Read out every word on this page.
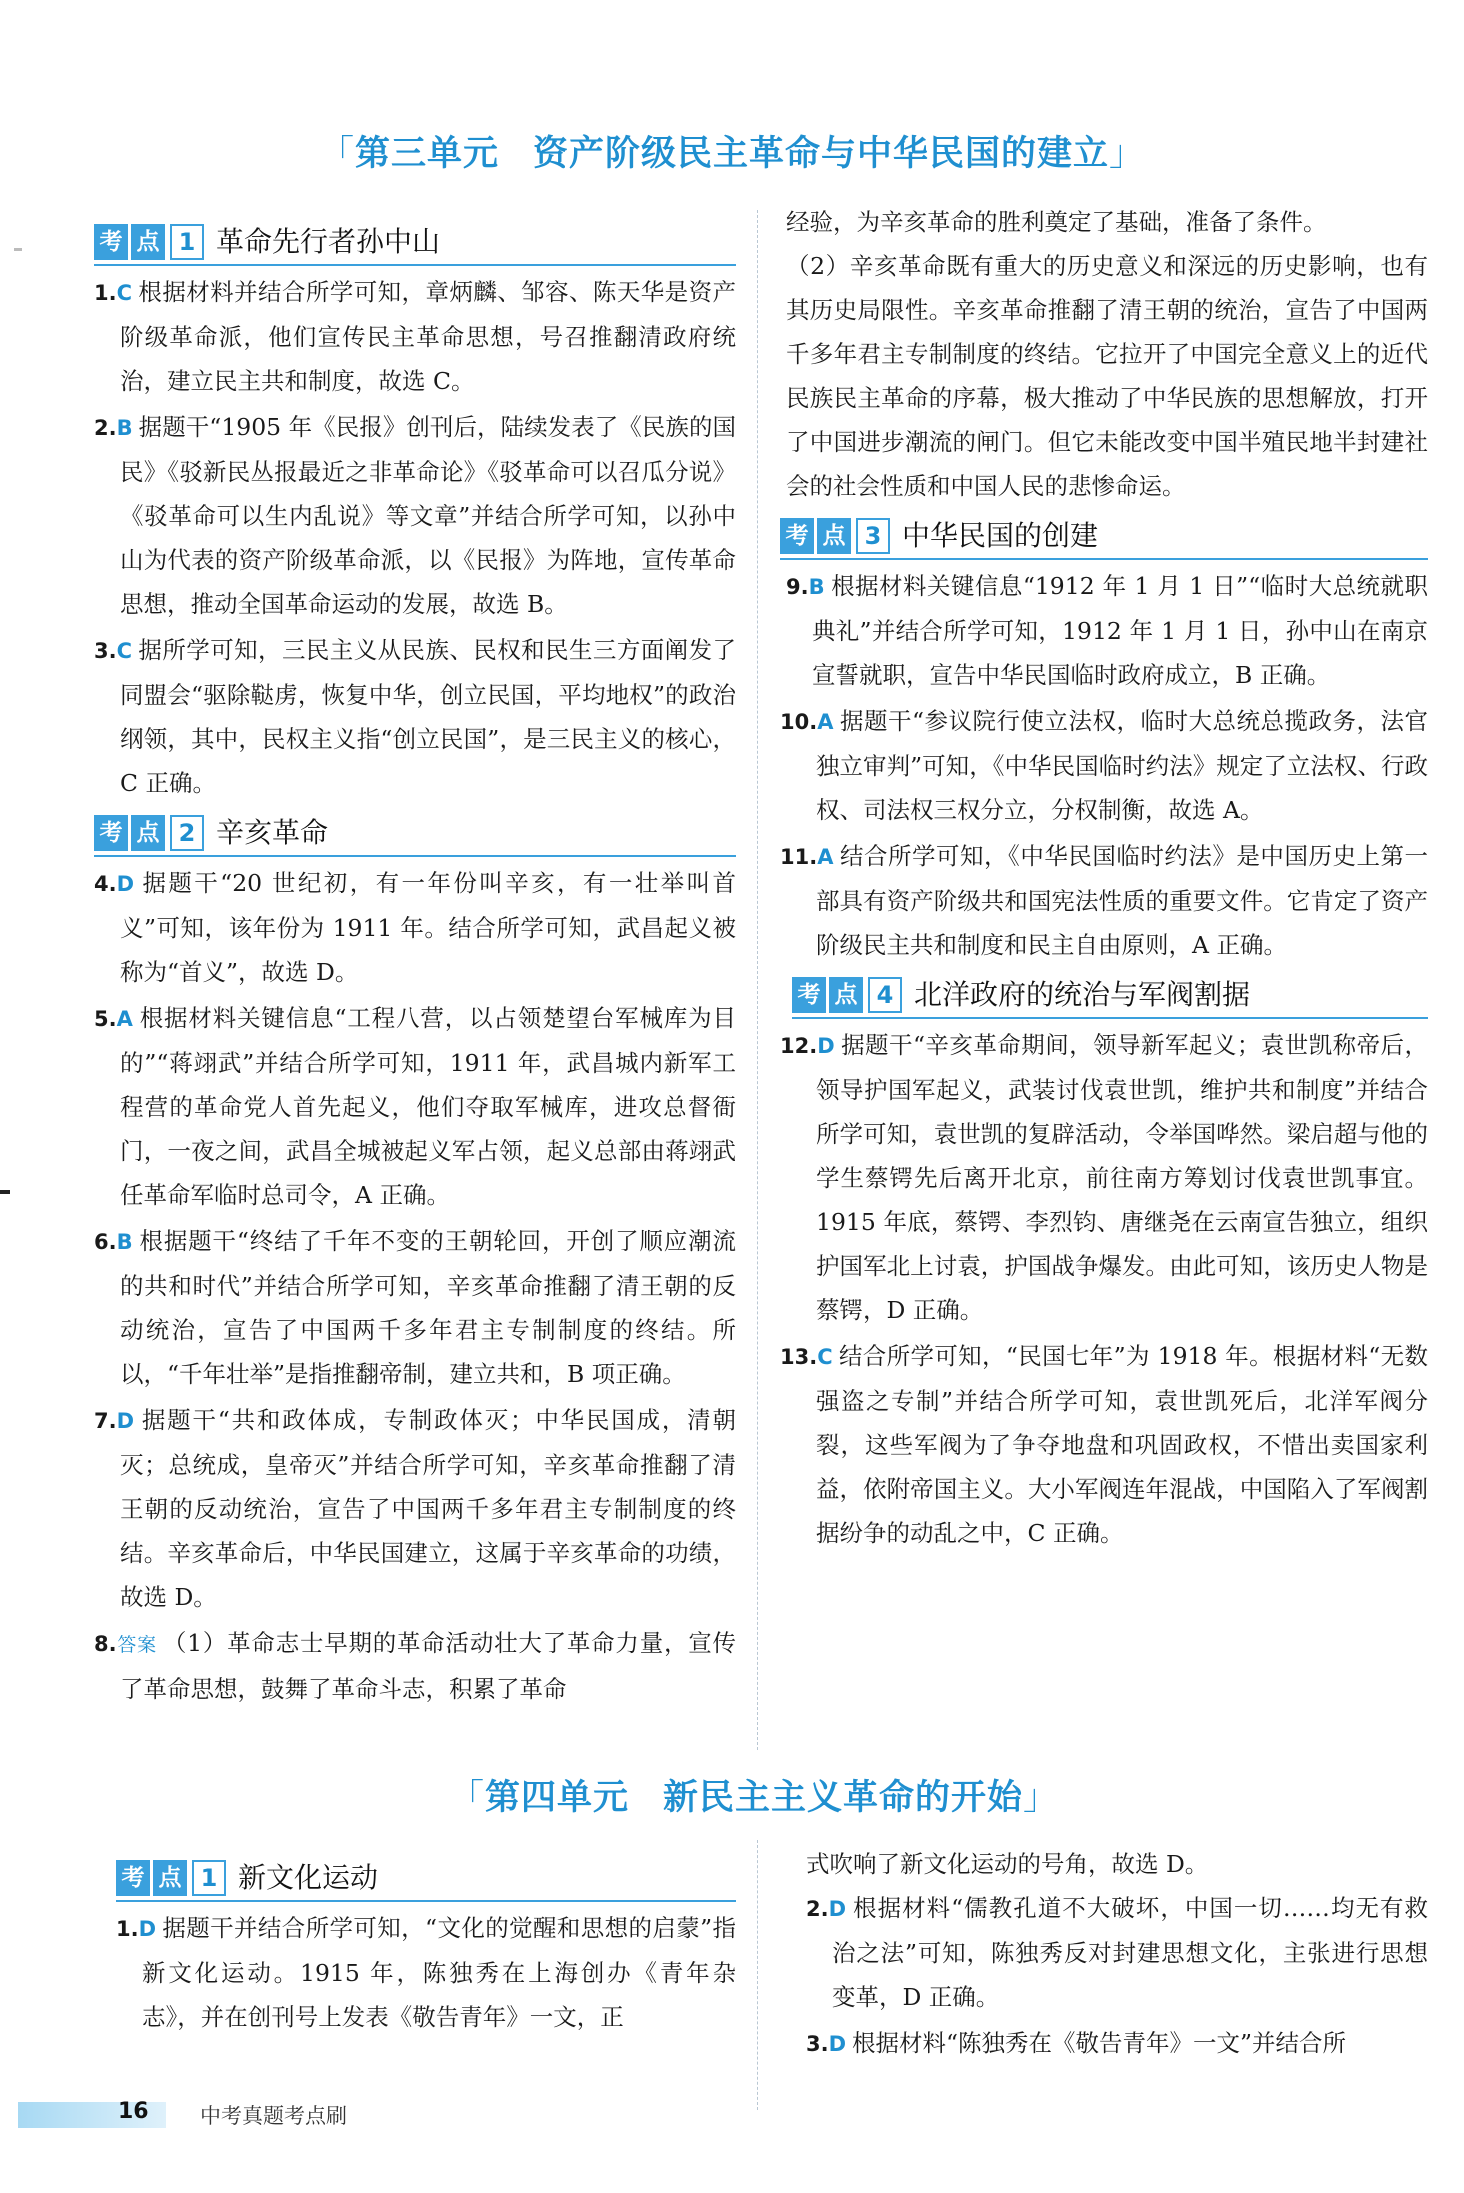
「第三单元 资产阶级民主革命与中华民国的建立」
考 点 1 革命先行者孙中山

1.C 根据材料并结合所学可知，章炳麟、邹容、陈天华是资产阶级革命派，他们宣传民主革命思想，号召推翻清政府统治，建立民主共和制度，故选 C。

2.B 据题干“1905 年《民报》创刊后，陆续发表了《民族的国民》《驳新民丛报最近之非革命论》《驳革命可以召瓜分说》《驳革命可以生内乱说》等文章”并结合所学可知，以孙中山为代表的资产阶级革命派，以《民报》为阵地，宣传革命思想，推动全国革命运动的发展，故选 B。

3.C 据所学可知，三民主义从民族、民权和民生三方面阐发了同盟会“驱除鞑虏，恢复中华，创立民国，平均地权”的政治纲领，其中，民权主义指“创立民国”，是三民主义的核心，C 正确。

考 点 2 辛亥革命

4.D 据题干“20 世纪初，有一年份叫辛亥，有一壮举叫首义”可知，该年份为 1911 年。结合所学可知，武昌起义被称为“首义”，故选 D。

5.A 根据材料关键信息“工程八营，以占领楚望台军械库为目的”“蒋翊武”并结合所学可知，1911 年，武昌城内新军工程营的革命党人首先起义，他们夺取军械库，进攻总督衙门，一夜之间，武昌全城被起义军占领，起义总部由蒋翊武任革命军临时总司令，A 正确。

6.B 根据题干“终结了千年不变的王朝轮回，开创了顺应潮流的共和时代”并结合所学可知，辛亥革命推翻了清王朝的反动统治，宣告了中国两千多年君主专制制度的终结。所以，“千年壮举”是指推翻帝制，建立共和，B 项正确。

7.D 据题干“共和政体成，专制政体灭；中华民国成，清朝灭；总统成，皇帝灭”并结合所学可知，辛亥革命推翻了清王朝的反动统治，宣告了中国两千多年君主专制制度的终结。辛亥革命后，中华民国建立，这属于辛亥革命的功绩，故选 D。

8.答案 （1）革命志士早期的革命活动壮大了革命力量，宣传了革命思想，鼓舞了革命斗志，积累了革命

经验，为辛亥革命的胜利奠定了基础，准备了条件。

（2）辛亥革命既有重大的历史意义和深远的历史影响，也有其历史局限性。辛亥革命推翻了清王朝的统治，宣告了中国两千多年君主专制制度的终结。它拉开了中国完全意义上的近代民族民主革命的序幕，极大推动了中华民族的思想解放，打开了中国进步潮流的闸门。但它未能改变中国半殖民地半封建社会的社会性质和中国人民的悲惨命运。

考 点 3 中华民国的创建

9.B 根据材料关键信息“1912 年 1 月 1 日”“临时大总统就职典礼”并结合所学可知，1912 年 1 月 1 日，孙中山在南京宣誓就职，宣告中华民国临时政府成立，B 正确。

10.A 据题干“参议院行使立法权，临时大总统总揽政务，法官独立审判”可知，《中华民国临时约法》规定了立法权、行政权、司法权三权分立，分权制衡，故选 A。

11.A 结合所学可知，《中华民国临时约法》是中国历史上第一部具有资产阶级共和国宪法性质的重要文件。它肯定了资产阶级民主共和制度和民主自由原则，A 正确。

考 点 4 北洋政府的统治与军阀割据

12.D 据题干“辛亥革命期间，领导新军起义；袁世凯称帝后，领导护国军起义，武装讨伐袁世凯，维护共和制度”并结合所学可知，袁世凯的复辟活动，令举国哗然。梁启超与他的学生蔡锷先后离开北京，前往南方筹划讨伐袁世凯事宜。1915 年底，蔡锷、李烈钧、唐继尧在云南宣告独立，组织护国军北上讨袁，护国战争爆发。由此可知，该历史人物是蔡锷，D 正确。

13.C 结合所学可知，“民国七年”为 1918 年。根据材料“无数强盗之专制”并结合所学可知，袁世凯死后，北洋军阀分裂，这些军阀为了争夺地盘和巩固政权，不惜出卖国家利益，依附帝国主义。大小军阀连年混战，中国陷入了军阀割据纷争的动乱之中，C 正确。

「第四单元 新民主主义革命的开始」
考 点 1 新文化运动

1.D 据题干并结合所学可知，“文化的觉醒和思想的启蒙”指新文化运动。1915 年，陈独秀在上海创办《青年杂志》，并在创刊号上发表《敬告青年》一文，正

式吹响了新文化运动的号角，故选 D。

2.D 根据材料“儒教孔道不大破坏，中国一切……均无有救治之法”可知，陈独秀反对封建思想文化，主张进行思想变革，D 正确。

3.D 根据材料“陈独秀在《敬告青年》一文”并结合所

16 中考真题考点刷
